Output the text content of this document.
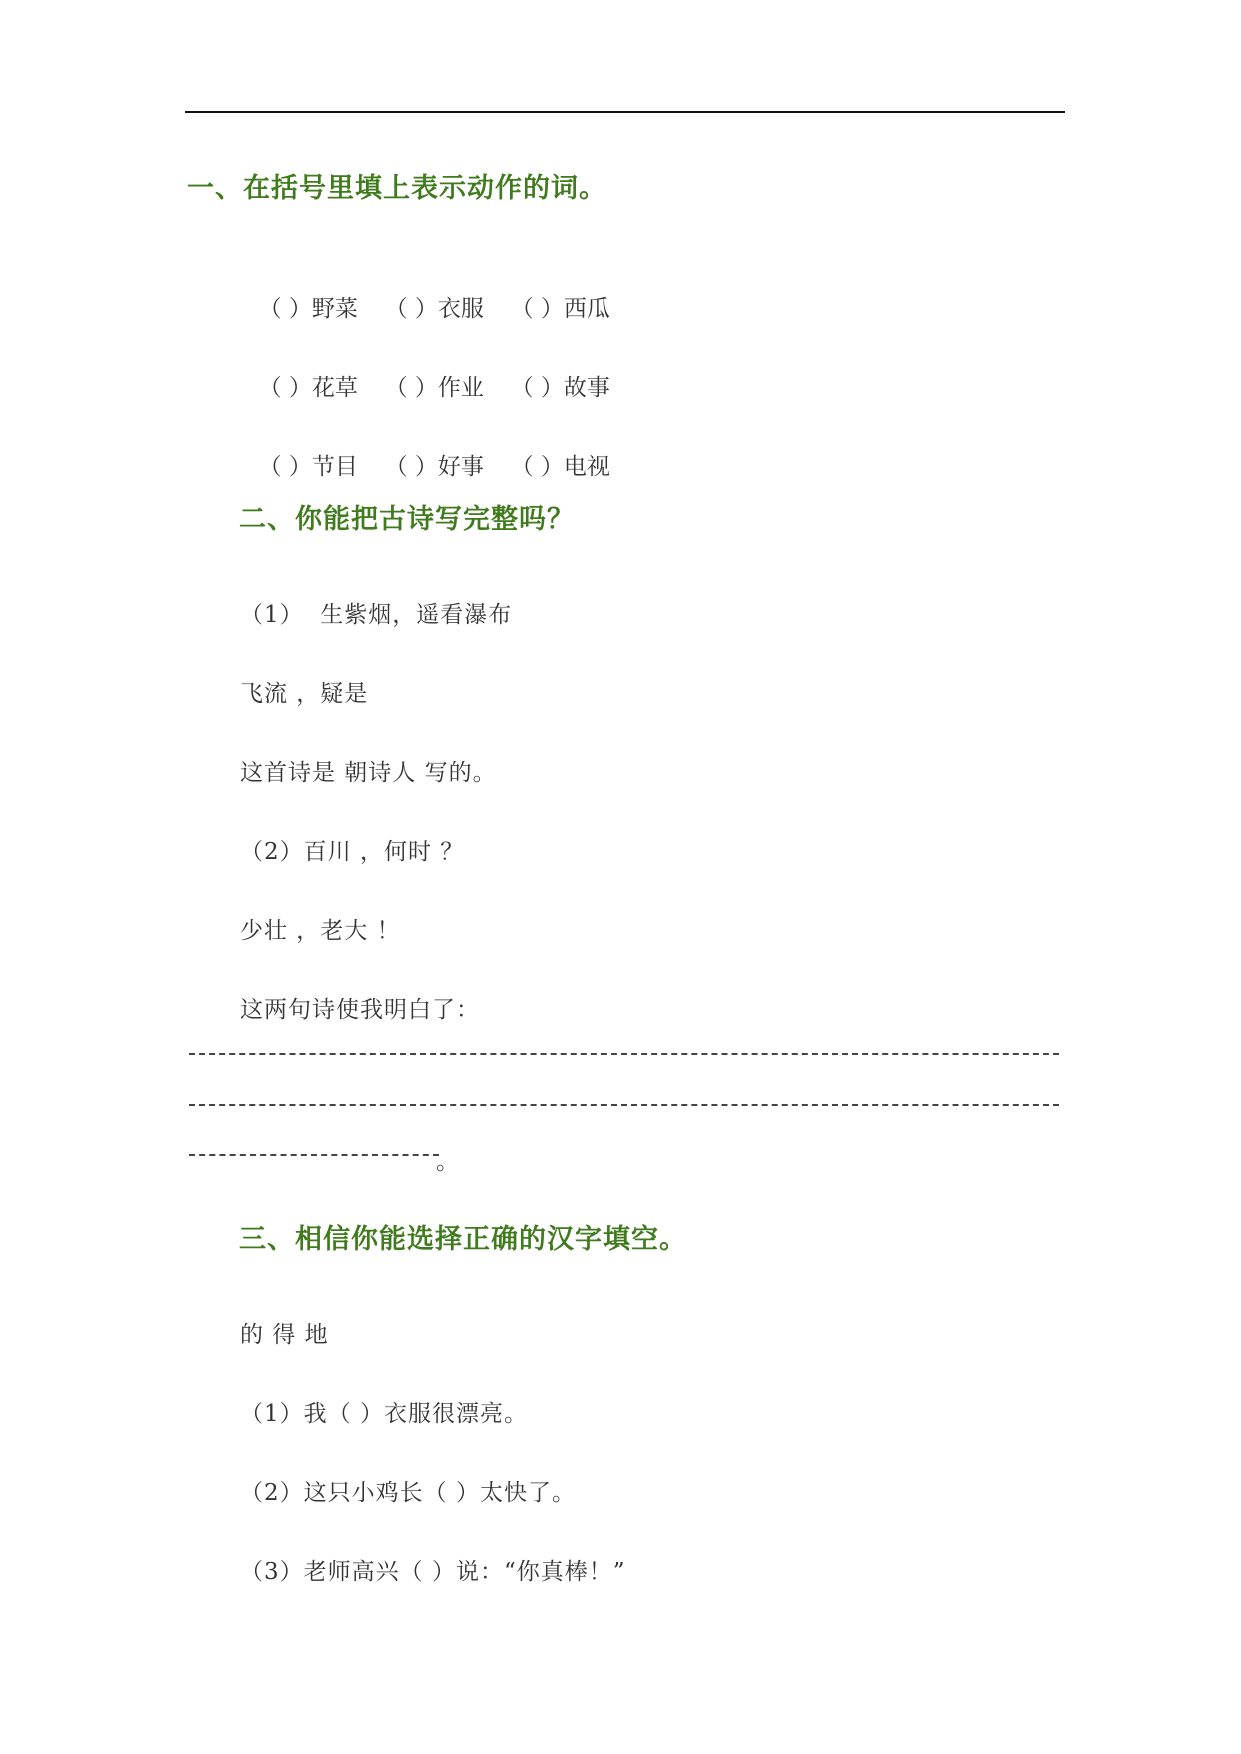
一、在括号里填上表示动作的词。

（ ）野菜 （ ）衣服 （ ）西瓜

（ ）花草 （ ）作业 （ ）故事

（ ）节目 （ ）好事 （ ）电视

二、你能把古诗写完整吗？
（1）  生紫烟，遥看瀑布
飞流 ，疑是
这首诗是 朝诗人 写的。
（2）百川 ，何时 ？
少壮 ，老大 ！
这两句诗使我明白了：
。
三、相信你能选择正确的汉字填空。
的 得 地
（1）我（ ）衣服很漂亮。
（2）这只小鸡长（ ）太快了。
（3）老师高兴（ ）说：“你真棒！”
